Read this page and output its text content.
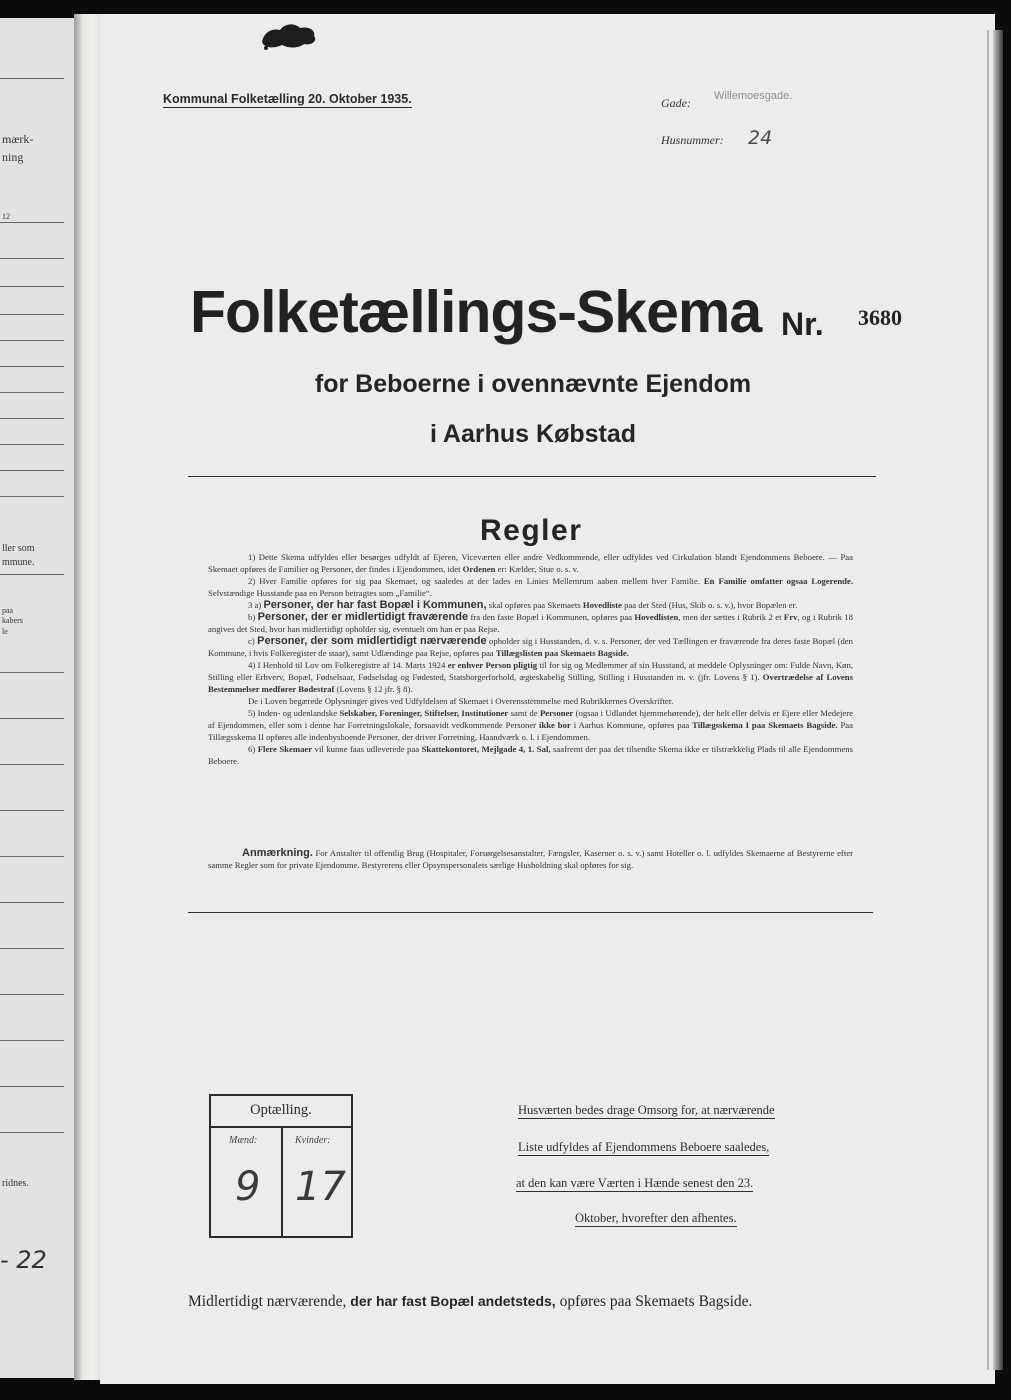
mærk-
ning
12
ller som
mmune.
paa
kabers
le
ridnes.
- 22
Kommunal Folketælling 20. Oktober 1935.	Gade: Willemoesgade.
Husnummer: 24
Folketællings-Skema Nr. 3680
for Beboerne i ovennævnte Ejendom
i Aarhus Købstad
Regler

1) Dette Skema udfyldes eller besørges udfyldt af Ejeren, Viceværten eller andre Vedkommende, eller udfyldes ved Cirkulation blandt Ejendommens Beboere. — Paa Skemaet opføres de Familier og Personer, der findes i Ejendommen, idet Ordenen er: Kælder, Stue o. s. v.

2) Hver Familie opføres for sig paa Skemaet, og saaledes at der lades en Linies Mellemrum aaben mellem hver Familie. En Familie omfatter ogsaa Logerende. Selvstændige Husstande paa en Person betragtes som „Familie“.

3 a) Personer, der har fast Bopæl i Kommunen, skal opføres paa Skemaets Hovedliste paa det Sted (Hus, Skib o. s. v.), hvor Bopælen er.

b) Personer, der er midlertidigt fraværende fra den faste Bopæl i Kommunen, opføres paa Hovedlisten, men der sættes i Rubrik 2 et Frv, og i Rubrik 18 angives det Sted, hvor han midlertidigt opholder sig, eventuelt om han er paa Rejse.

c) Personer, der som midlertidigt nærværende opholder sig i Husstanden, d. v. s. Personer, der ved Tællingen er fraværende fra deres faste Bopæl (den Kommune, i hvis Folkeregister de staar), samt Udlændinge paa Rejse, opføres paa Tillægslisten paa Skemaets Bagside.

4) I Henhold til Lov om Folkeregistre af 14. Marts 1924 er enhver Person pligtig til for sig og Medlemmer af sin Husstand, at meddele Oplysninger om: Fulde Navn, Køn, Stilling eller Erhverv, Bopæl, Fødselsaar, Fødselsdag og Fødested, Statsborgerforhold, ægteskabelig Stilling, Stilling i Husstanden m. v. (jfr. Lovens § 1). Overtrædelse af Lovens Bestemmelser medfører Bødestraf (Lovens § 12 jfr. § 8).

De i Loven begærede Oplysninger gives ved Udfyldelsen af Skemaet i Overensstemmelse med Rubrikkernes Overskrifter.

5) Inden- og udenlandske Selskaber, Foreninger, Stiftelser, Institutioner samt de Personer (ogsaa i Udlandet hjemmehørende), der helt eller delvis er Ejere eller Medejere af Ejendommen, eller som i denne har Forretningslokale, forsaavidt vedkommende Personer ikke bor i Aarhus Kommune, opføres paa Tillægsskema I paa Skemaets Bagside. Paa Tillægsskema II opføres alle indenbysboende Personer, der driver Forretning, Haandværk o. l. i Ejendommen.

6) Flere Skemaer vil kunne faas udleverede paa Skattekontoret, Mejlgade 4, 1. Sal, saafremt der paa det tilsendte Skema ikke er tilstrækkelig Plads til alle Ejendommens Beboere.

Anmærkning. For Anstalter til offentlig Brug (Hospitaler, Forsørgelsesanstalter, Fængsler, Kaserner o. s. v.) samt Hoteller o. l. udfyldes Skemaerne af Bestyrerne efter samme Regler som for private Ejendomme. Bestyrerens eller Opsynspersonalets særlige Husholdning skal opføres for sig.

Optælling.
Mænd:	Kvinder:
9 17
Husværten bedes drage Omsorg for, at nærværende
Liste udfyldes af Ejendommens Beboere saaledes,
at den kan være Værten i Hænde senest den 23.
Oktober, hvorefter den afhentes.
Midlertidigt nærværende, der har fast Bopæl andetsteds, opføres paa Skemaets Bagside.
